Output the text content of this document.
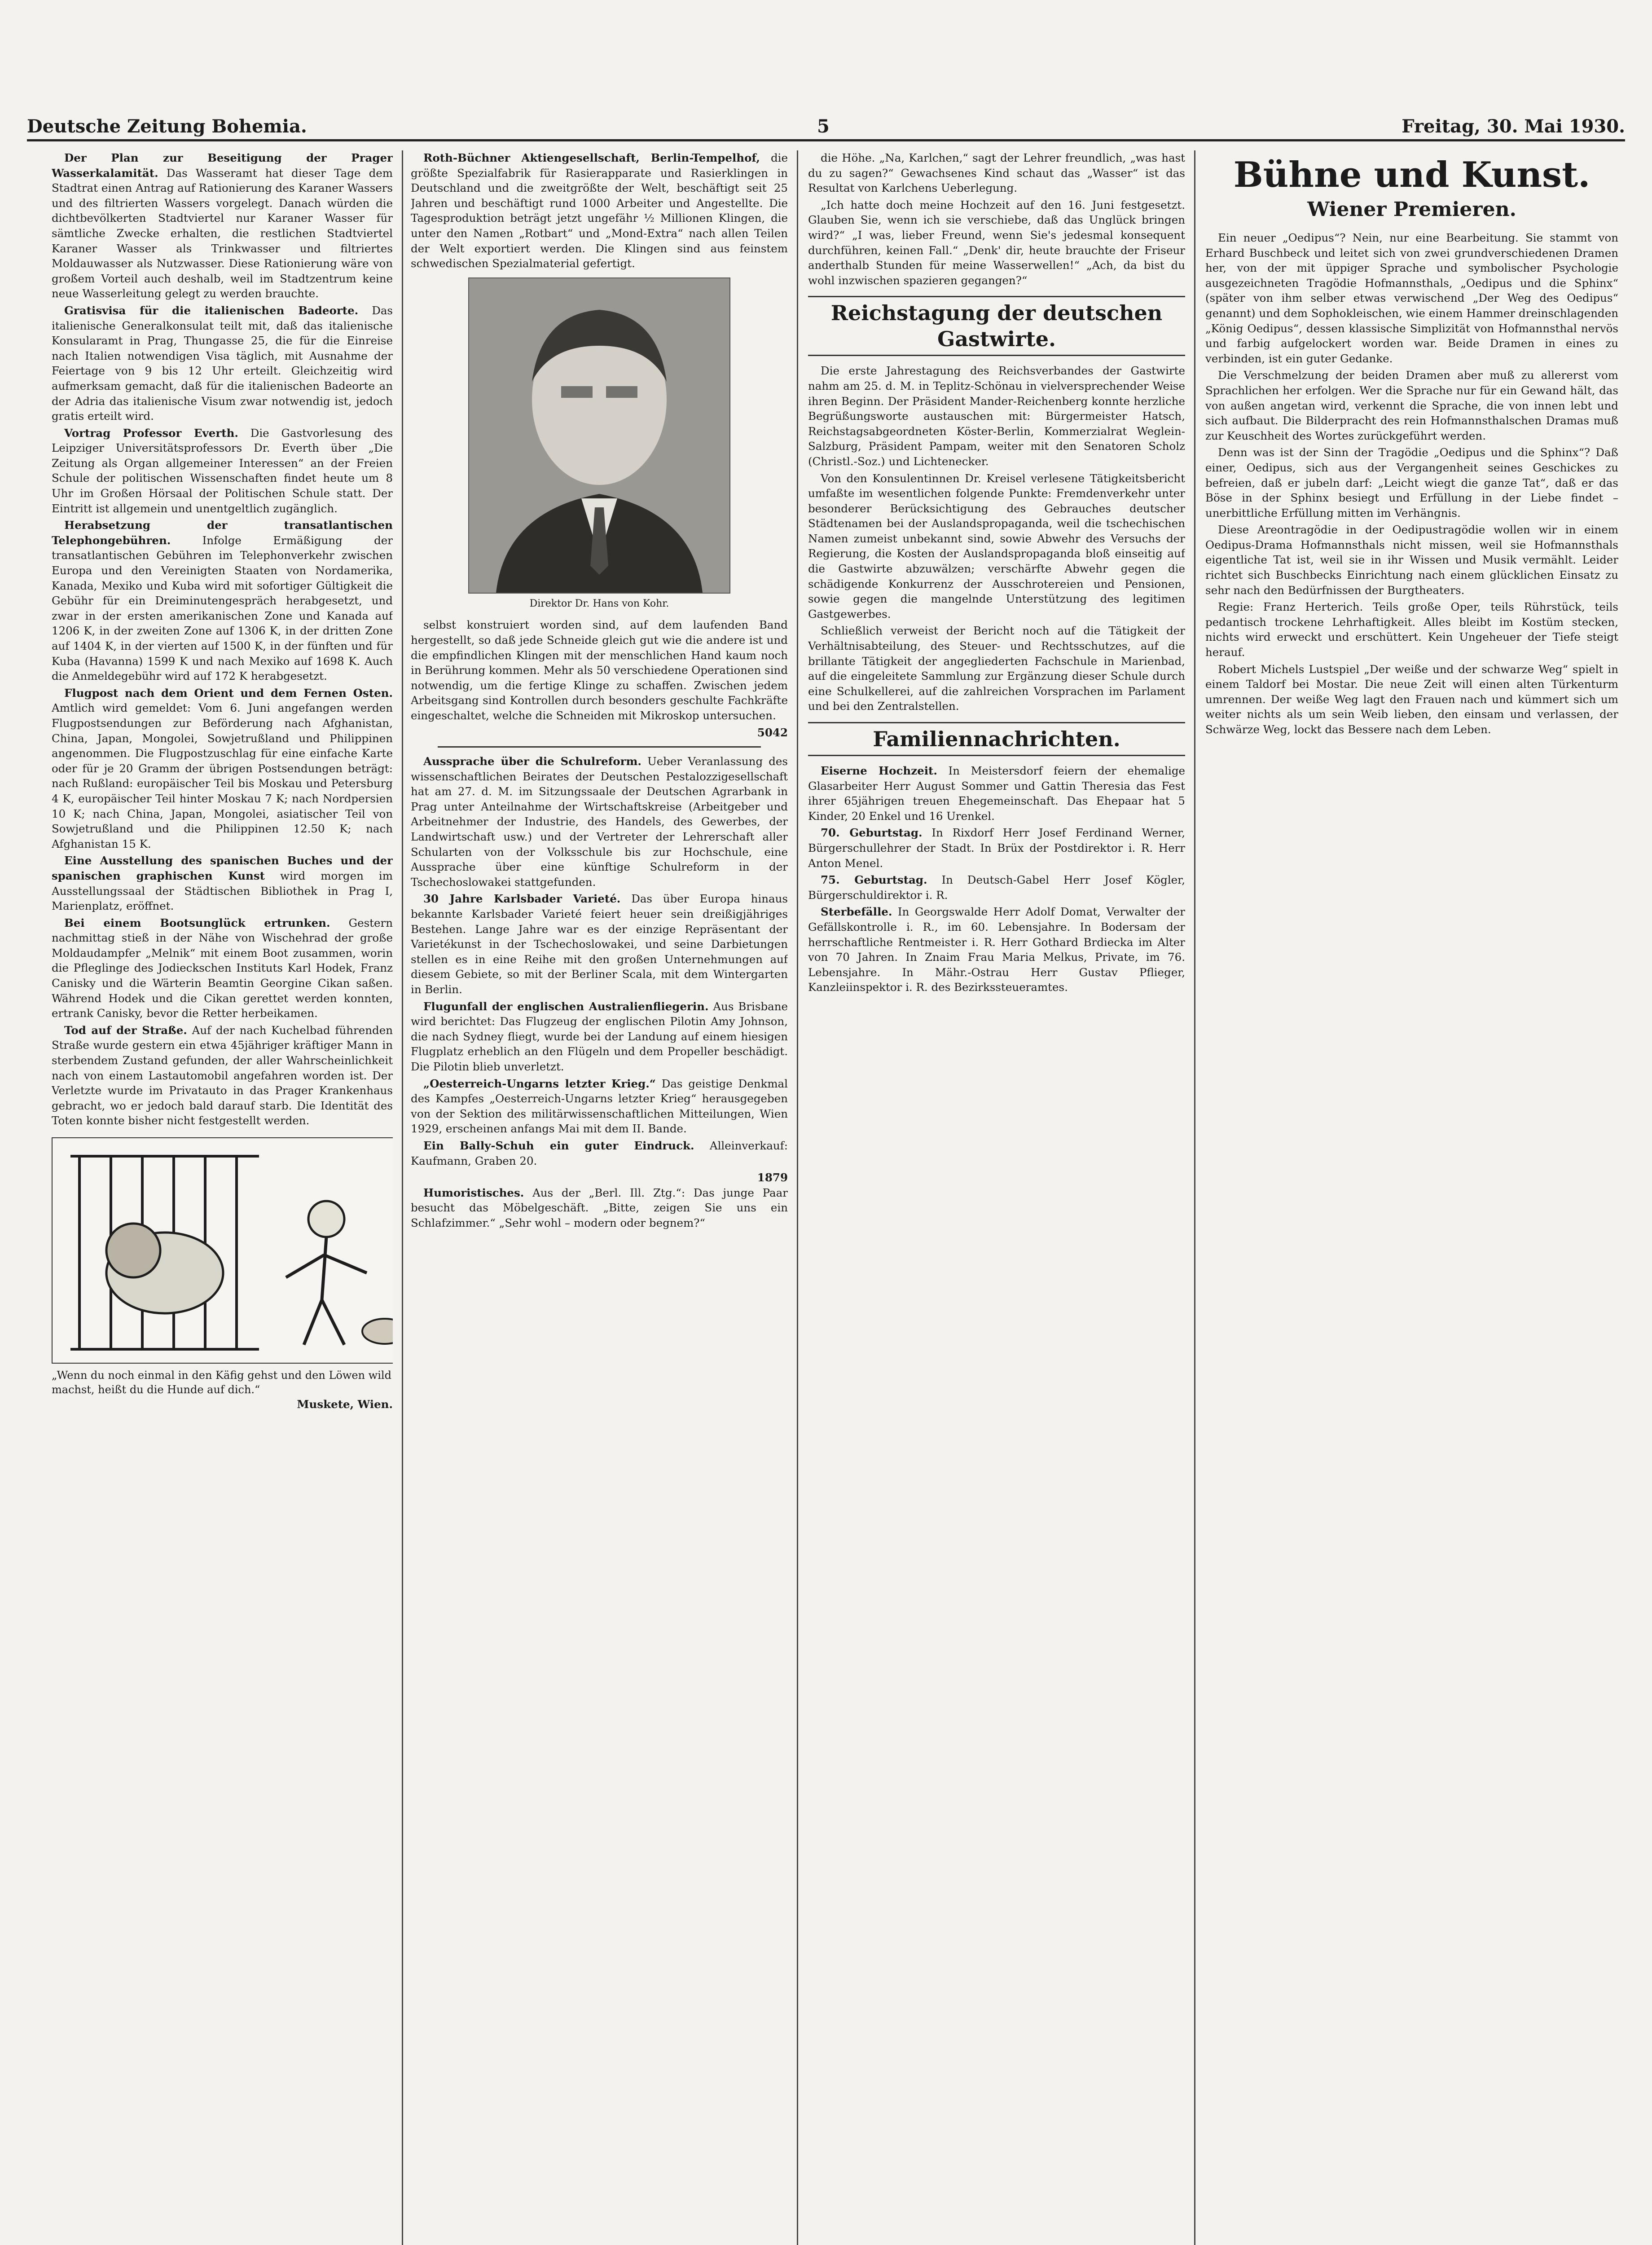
Deutsche Zeitung Bohemia.	5	Freitag, 30. Mai 1930.

Der Plan zur Beseitigung der Prager Wasserkalamität. Das Wasseramt hat dieser Tage dem Stadtrat einen Antrag auf Rationierung des Karaner Wassers und des filtrierten Wassers vorgelegt. Danach würden die dichtbevölkerten Stadtviertel nur Karaner Wasser für sämtliche Zwecke erhalten, die restlichen Stadtviertel Karaner Wasser als Trinkwasser und filtriertes Moldauwasser als Nutzwasser. Diese Rationierung wäre von großem Vorteil auch deshalb, weil im Stadtzentrum keine neue Wasserleitung gelegt zu werden brauchte.

Gratisvisa für die italienischen Badeorte. Das italienische Generalkonsulat teilt mit, daß das italienische Konsularamt in Prag, Thungasse 25, die für die Einreise nach Italien notwendigen Visa täglich, mit Ausnahme der Feiertage von 9 bis 12 Uhr erteilt. Gleichzeitig wird aufmerksam gemacht, daß für die italienischen Badeorte an der Adria das italienische Visum zwar notwendig ist, jedoch gratis erteilt wird.

Vortrag Professor Everth. Die Gastvorlesung des Leipziger Universitätsprofessors Dr. Everth über „Die Zeitung als Organ allgemeiner Interessen“ an der Freien Schule der politischen Wissenschaften findet heute um 8 Uhr im Großen Hörsaal der Politischen Schule statt. Der Eintritt ist allgemein und unentgeltlich zugänglich.

Herabsetzung der transatlantischen Telephongebühren.	Infolge Ermäßigung der transatlantischen Gebühren im Telephonverkehr zwischen Europa und den Vereinigten Staaten von Nordamerika, Kanada, Mexiko und Kuba wird mit sofortiger Gültigkeit die Gebühr für ein Dreiminutengespräch herabgesetzt, und zwar in der ersten amerikanischen Zone und Kanada auf 1206 K, in der zweiten Zone auf 1306 K, in der dritten Zone auf 1404 K, in der vierten auf 1500 K, in der fünften und für Kuba (Havanna) 1599 K und nach Mexiko auf 1698 K. Auch die Anmeldegebühr wird auf 172 K herabgesetzt.

Flugpost nach dem Orient und dem Fernen Osten. Amtlich wird gemeldet: Vom 6. Juni angefangen werden Flugpostsendungen zur Beförderung nach Afghanistan, China, Japan, Mongolei, Sowjetrußland und Philippinen angenommen. Die Flugpostzuschlag für eine einfache Karte oder für je 20 Gramm der übrigen Postsendungen beträgt: nach Rußland: europäischer Teil bis Moskau und Petersburg 4 K, europäischer Teil hinter Moskau 7 K; nach Nordpersien 10 K; nach China, Japan, Mongolei, asiatischer Teil von Sowjetrußland und die Philippinen 12.50 K; nach Afghanistan 15 K.

Eine Ausstellung des spanischen Buches und der spanischen graphischen Kunst wird morgen im Ausstellungssaal der Städtischen Bibliothek in Prag I, Marienplatz, eröffnet.

Bei einem Bootsunglück ertrunken. Gestern nachmittag stieß in der Nähe von Wischehrad der große Moldaudampfer „Melnik“ mit einem Boot zusammen, worin die Pfleglinge des Jodieckschen Instituts Karl Hodek, Franz Canisky und die Wärterin Beamtin Georgine Cikan saßen. Während Hodek und die Cikan gerettet werden konnten, ertrank Canisky, bevor die Retter herbeikamen.

Tod auf der Straße. Auf der nach Kuchelbad führenden Straße wurde gestern ein etwa 45jähriger kräftiger Mann in sterbendem Zustand gefunden, der aller Wahrscheinlichkeit nach von einem Lastautomobil angefahren worden ist. Der Verletzte wurde im Privatauto in das Prager Krankenhaus gebracht, wo er jedoch bald darauf starb. Die Identität des Toten konnte bisher nicht festgestellt werden.

„Wenn du noch einmal in den Käfig gehst und den Löwen wild machst, heißt du die Hunde auf dich.“
Muskete, Wien.

Roth-Büchner Aktiengesellschaft, Berlin-Tempelhof, die größte Spezialfabrik für Rasierapparate und Rasierklingen in Deutschland und die zweitgrößte der Welt, beschäftigt seit 25 Jahren und beschäftigt rund 1000 Arbeiter und Angestellte. Die Tagesproduktion beträgt jetzt ungefähr ½ Millionen Klingen, die unter den Namen „Rotbart“ und „Mond-Extra“ nach allen Teilen der Welt exportiert werden. Die Klingen sind aus feinstem schwedischen Spezialmaterial gefertigt.

Direktor Dr. Hans von Kohr.

selbst konstruiert worden sind, auf dem laufenden Band hergestellt, so daß jede Schneide gleich gut wie die andere ist und die empfindlichen Klingen mit der menschlichen Hand kaum noch in Berührung kommen. Mehr als 50 verschiedene Operationen sind notwendig, um die fertige Klinge zu schaffen. Zwischen jedem Arbeitsgang sind Kontrollen durch besonders geschulte Fachkräfte eingeschaltet, welche die Schneiden mit Mikroskop untersuchen.

5042

Aussprache über die Schulreform. Ueber Veranlassung des wissenschaftlichen Beirates der Deutschen Pestalozzigesellschaft hat am 27. d. M. im Sitzungssaale der Deutschen Agrarbank in Prag unter Anteilnahme der Wirtschaftskreise (Arbeitgeber und Arbeitnehmer der Industrie, des Handels, des Gewerbes, der Landwirtschaft usw.) und der Vertreter der Lehrerschaft aller Schularten von der Volksschule bis zur Hochschule, eine Aussprache über eine künftige Schulreform in der Tschechoslowakei stattgefunden.

30 Jahre Karlsbader Varieté. Das über Europa hinaus bekannte Karlsbader Varieté feiert heuer sein dreißigjähriges Bestehen. Lange Jahre war es der einzige Repräsentant der Varietékunst in der Tschechoslowakei, und seine Darbietungen stellen es in eine Reihe mit den großen Unternehmungen auf diesem Gebiete, so mit der Berliner Scala, mit dem Wintergarten in Berlin.

Flugunfall der englischen Australienfliegerin. Aus Brisbane wird berichtet: Das Flugzeug der englischen Pilotin Amy Johnson, die nach Sydney fliegt, wurde bei der Landung auf einem hiesigen Flugplatz erheblich an den Flügeln und dem Propeller beschädigt. Die Pilotin blieb unverletzt.

„Oesterreich-Ungarns letzter Krieg.“ Das geistige Denkmal des Kampfes „Oesterreich-Ungarns letzter Krieg“ herausgegeben von der Sektion des militärwissenschaftlichen Mitteilungen, Wien 1929, erscheinen anfangs Mai mit dem II. Bande.

Ein Bally-Schuh ein guter Eindruck. Alleinverkauf: Kaufmann, Graben 20.

1879

Humoristisches. Aus der „Berl. Ill. Ztg.“: Das junge Paar besucht das Möbelgeschäft. „Bitte, zeigen Sie uns ein Schlafzimmer.“ „Sehr wohl – modern oder begnem?“

die Höhe. „Na, Karlchen,“ sagt der Lehrer freundlich, „was hast du zu sagen?“ Gewachsenes Kind schaut das „Wasser“ ist das Resultat von Karlchens Ueberlegung.

„Ich hatte doch meine Hochzeit auf den 16. Juni festgesetzt. Glauben Sie, wenn ich sie verschiebe, daß das Unglück bringen wird?“ „I was, lieber Freund, wenn Sie's jedesmal konsequent durchführen, keinen Fall.“ „Denk' dir, heute brauchte der Friseur anderthalb Stunden für meine Wasserwellen!“ „Ach, da bist du wohl inzwischen spazieren gegangen?“

Reichstagung der deutschen Gastwirte.

Die erste Jahrestagung des Reichsverbandes der Gastwirte nahm am 25. d. M. in Teplitz-Schönau in vielversprechender Weise ihren Beginn. Der Präsident Mander-Reichenberg konnte herzliche Begrüßungsworte austauschen mit: Bürgermeister Hatsch, Reichstagsabgeordneten Köster-Berlin, Kommerzialrat Weglein-Salzburg, Präsident Pampam, weiter mit den Senatoren Scholz (Christl.-Soz.) und Lichtenecker.

Von den Konsulentinnen Dr. Kreisel verlesene Tätigkeitsbericht umfaßte im wesentlichen folgende Punkte: Fremdenverkehr unter besonderer Berücksichtigung des Gebrauches deutscher Städtenamen bei der Auslandspropaganda, weil die tschechischen Namen zumeist unbekannt sind, sowie Abwehr des Versuchs der Regierung, die Kosten der Auslandspropaganda bloß einseitig auf die Gastwirte abzuwälzen; verschärfte Abwehr gegen die schädigende Konkurrenz der Ausschrotereien und Pensionen, sowie gegen die mangelnde Unterstützung des legitimen Gastgewerbes.

Schließlich verweist der Bericht noch auf die Tätigkeit der Verhältnisabteilung, des Steuer- und Rechtsschutzes, auf die brillante Tätigkeit der angegliederten Fachschule in Marienbad, auf die eingeleitete Sammlung zur Ergänzung dieser Schule durch eine Schulkellerei, auf die zahlreichen Vorsprachen im Parlament und bei den Zentralstellen.

Familiennachrichten.

Eiserne Hochzeit. In Meistersdorf feiern der ehemalige Glasarbeiter Herr August Sommer und Gattin Theresia das Fest ihrer 65jährigen treuen Ehegemeinschaft. Das Ehepaar hat 5 Kinder, 20 Enkel und 16 Urenkel.

70. Geburtstag. In Rixdorf Herr Josef Ferdinand Werner, Bürgerschullehrer der Stadt. In Brüx der Postdirektor i. R. Herr Anton Menel.

75. Geburtstag. In Deutsch-Gabel Herr Josef Kögler, Bürgerschuldirektor i. R.

Sterbefälle. In Georgswalde Herr Adolf Domat, Verwalter der Gefällskontrolle i. R., im 60. Lebensjahre. In Bodersam der herrschaftliche Rentmeister i. R. Herr Gothard Brdiecka im Alter von 70 Jahren. In Znaim Frau Maria Melkus, Private, im 76. Lebensjahre. In Mähr.-Ostrau Herr Gustav Pflieger, Kanzleiinspektor i. R. des Bezirkssteueramtes.

Bühne und Kunst.
Wiener Premieren.

Ein neuer „Oedipus“? Nein, nur eine Bearbeitung. Sie stammt von Erhard Buschbeck und leitet sich von zwei grundverschiedenen Dramen her, von der mit üppiger Sprache und symbolischer Psychologie ausgezeichneten Tragödie Hofmannsthals, „Oedipus und die Sphinx“ (später von ihm selber etwas verwischend „Der Weg des Oedipus“ genannt) und dem Sophokleischen, wie einem Hammer dreinschlagenden „König Oedipus“, dessen klassische Simplizität von Hofmannsthal nervös und farbig aufgelockert worden war. Beide Dramen in eines zu verbinden, ist ein guter Gedanke.

Die Verschmelzung der beiden Dramen aber muß zu allererst vom Sprachlichen her erfolgen. Wer die Sprache nur für ein Gewand hält, das von außen angetan wird, verkennt die Sprache, die von innen lebt und sich aufbaut. Die Bilderpracht des rein Hofmannsthalschen Dramas muß zur Keuschheit des Wortes zurückgeführt werden.

Denn was ist der Sinn der Tragödie „Oedipus und die Sphinx“? Daß einer, Oedipus, sich aus der Vergangenheit seines Geschickes zu befreien, daß er jubeln darf: „Leicht wiegt die ganze Tat“, daß er das Böse in der Sphinx besiegt und Erfüllung in der Liebe findet – unerbittliche Erfüllung mitten im Verhängnis.

Diese Areontragödie in der Oedipustragödie wollen wir in einem Oedipus-Drama Hofmannsthals nicht missen, weil sie Hofmannsthals eigentliche Tat ist, weil sie in ihr Wissen und Musik vermählt. Leider richtet sich Buschbecks Einrichtung nach einem glücklichen Einsatz zu sehr nach den Bedürfnissen der Burgtheaters.

Regie: Franz Herterich. Teils große Oper, teils Rührstück, teils pedantisch trockene Lehrhaftigkeit. Alles bleibt im Kostüm stecken, nichts wird erweckt und erschüttert. Kein Ungeheuer der Tiefe steigt herauf.

Robert Michels Lustspiel „Der weiße und der schwarze Weg“ spielt in einem Taldorf bei Mostar. Die neue Zeit will einen alten Türkenturm umrennen. Der weiße Weg lagt den Frauen nach und kümmert sich um weiter nichts als um sein Weib lieben, den einsam und verlassen, der Schwärze Weg, lockt das Bessere nach dem Leben.
